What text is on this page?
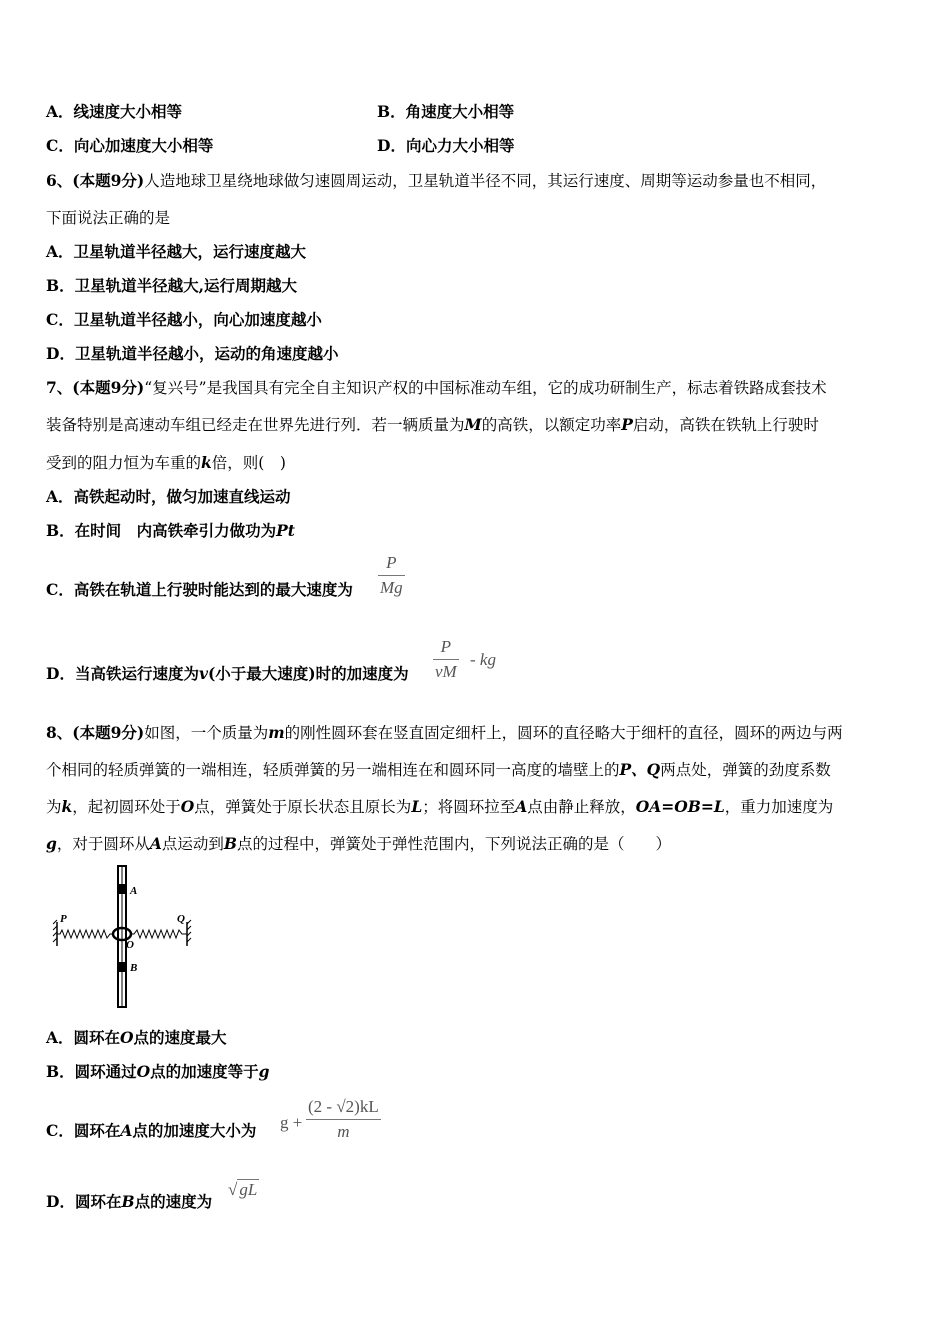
A．线速度大小相等	B．角速度大小相等
C．向心加速度大小相等	D．向心力大小相等
6、(本题9分)人造地球卫星绕地球做匀速圆周运动，卫星轨道半径不同，其运行速度、周期等运动参量也不相同，
下面说法正确的是
A．卫星轨道半径越大，运行速度越大
B．卫星轨道半径越大,运行周期越大
C．卫星轨道半径越小，向心加速度越小
D．卫星轨道半径越小，运动的角速度越小
7、(本题9分)“复兴号”是我国具有完全自主知识产权的中国标准动车组，它的成功研制生产，标志着铁路成套技术
装备特别是高速动车组已经走在世界先进行列．若一辆质量为M的高铁，以额定功率P启动，高铁在铁轨上行驶时
受到的阻力恒为车重的k倍，则(　)
A．高铁起动时，做匀加速直线运动
B．在时间　内高铁牵引力做功为Pt
C．高铁在轨道上行驶时能达到的最大速度为
P
Mg
D．当高铁运行速度为v(小于最大速度)时的加速度为
P
vM
- kg
8、(本题9分)如图，一个质量为m的刚性圆环套在竖直固定细杆上，圆环的直径略大于细杆的直径，圆环的两边与两
个相同的轻质弹簧的一端相连，轻质弹簧的另一端相连在和圆环同一高度的墙壁上的P、Q两点处，弹簧的劲度系数
为k，起初圆环处于O点，弹簧处于原长状态且原长为L；将圆环拉至A点由静止释放，OA=OB=L，重力加速度为
g，对于圆环从A点运动到B点的过程中，弹簧处于弹性范围内，下列说法正确的是（　　）
A
B
O
P	Q
A．圆环在O点的速度最大
B．圆环通过O点的加速度等于g
C．圆环在A点的加速度大小为 g +
(2 - √2)kL
m
D．圆环在B点的速度为
√ gL
